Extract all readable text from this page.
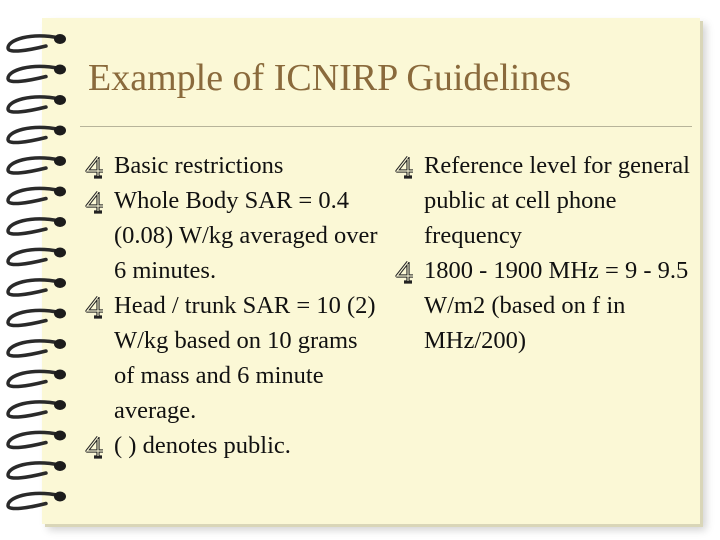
Example of ICNIRP Guidelines
Basic restrictions
Whole Body SAR = 0.4 (0.08) W/kg averaged over 6 minutes.
Head / trunk SAR = 10 (2) W/kg based on 10 grams of mass and 6 minute average.
( ) denotes public.
Reference level for general public at cell phone frequency
1800 - 1900 MHz = 9 - 9.5 W/m2 (based on f in MHz/200)
